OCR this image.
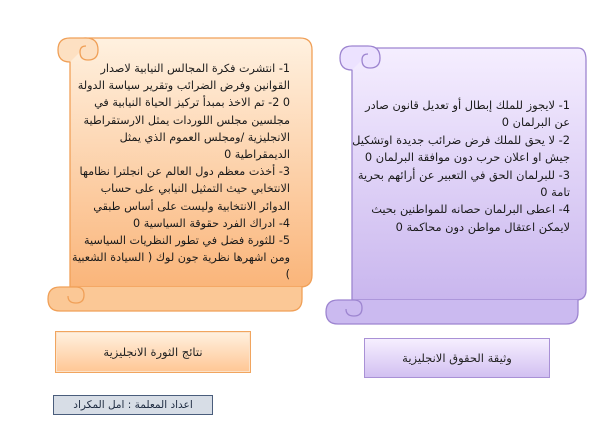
1- انتشرت فكرة المجالس النيابية لاصدار القوانين وفرض الضرائب وتقرير سياسة الدولة 0 2- تم الاخذ بمبدأ تركيز الحياة النيابية في مجلسين مجلس اللوردات يمثل الارستقراطية الانجليزية /ومجلس العموم الذي يمثل الديمقراطية 0
3- أخذت معظم دول العالم عن انجلترا نظامها الانتخابي حيث التمثيل النيابي على حساب الدوائر الانتخابية وليست على أساس طبقي
4- ادراك الفرد حقوقة السياسية 0
5- للثورة فضل في تطور النظريات السياسية ومن اشهرها نظرية جون لوك ( السيادة الشعبية )
1- لايجوز للملك إبطال أو تعديل قانون صادر عن البرلمان 0
2- لا يحق للملك فرض ضرائب جديدة اوتشكيل جيش او اعلان حرب دون موافقة البرلمان 0
3- للبرلمان الحق في التعبير عن أرائهم بحرية تامة 0
4- اعطى البرلمان حصانه للمواطنين بحيث لايمكن اعتقال مواطن دون محاكمة 0
نتائج الثورة الانجليزية	وثيقة الحقوق الانجليزية
اعداد المعلمة : امل المكراد
